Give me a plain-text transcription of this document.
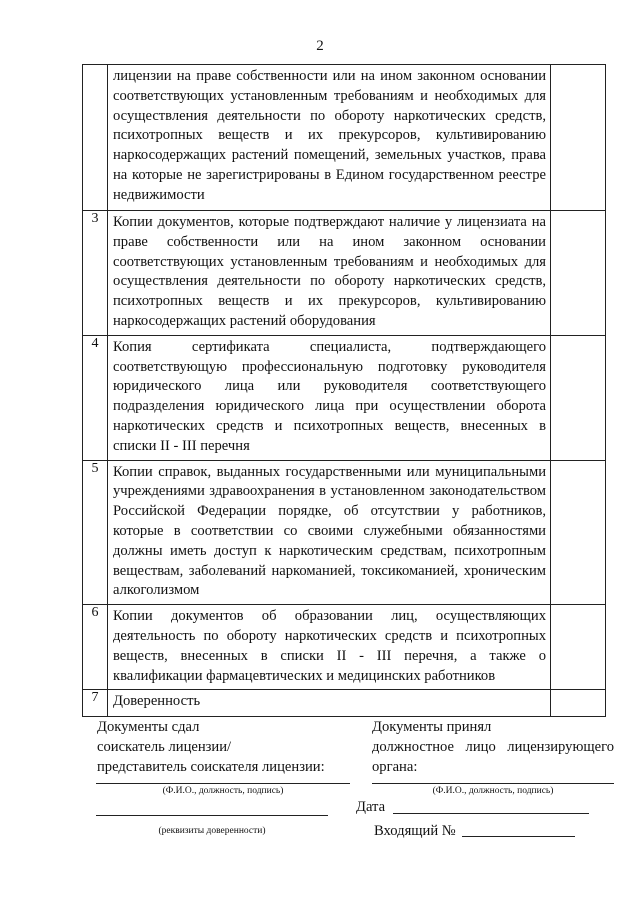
2

	лицензии на праве собственности или на ином законном основании соответствующих установленным требованиям и необходимых для осуществления деятельности по обороту наркотических средств, психотропных веществ и их прекурсоров, культивированию наркосодержащих растений помещений, земельных участков, права на которые не зарегистрированы в Едином государственном реестре недвижимости	

3	Копии документов, которые подтверждают наличие у лицензиата на праве собственности или на ином законном основании соответствующих установленным требованиям и необходимых для осуществления деятельности по обороту наркотических средств, психотропных веществ и их прекурсоров, культивированию наркосодержащих растений оборудования	

4	Копия сертификата специалиста, подтверждающего соответствующую профессиональную подготовку руководителя юридического лица или руководителя соответствующего подразделения юридического лица при осуществлении оборота наркотических средств и психотропных веществ, внесенных в списки II - III перечня	

5	Копии справок, выданных государственными или муниципальными учреждениями здравоохранения в установленном законодательством Российской Федерации порядке, об отсутствии у работников, которые в соответствии со своими служебными обязанностями должны иметь доступ к наркотическим средствам, психотропным веществам, заболеваний наркоманией, токсикоманией, хроническим алкоголизмом	

6	Копии документов об образовании лиц, осуществляющих деятельность по обороту наркотических средств и психотропных веществ, внесенных в списки II - III перечня, а также о квалификации фармацевтических и медицинских работников	

7	Доверенность	

Документы сдал
соискатель лицензии/
представитель соискателя лицензии:
Документы принял
должностное лицо лицензирующего
органа:
(Ф.И.О., должность, подпись)	(Ф.И.О., должность, подпись)
(реквизиты доверенности)
Дата
Входящий №
